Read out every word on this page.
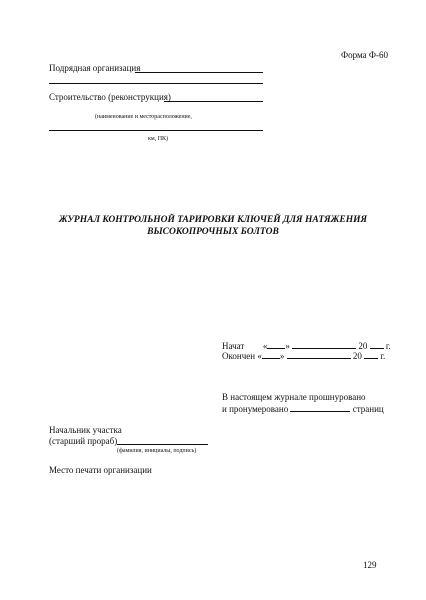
Форма Ф-60
Подрядная организация
Строительство (реконструкция)
(наименование и месторасположение,
км, ПК)
ЖУРНАЛ КОНТРОЛЬНОЙ ТАРИРОВКИ КЛЮЧЕЙ ДЛЯ НАТЯЖЕНИЯ
ВЫСОКОПРОЧНЫХ БОЛТОВ
Начат « »	20 г.
Окончен « »	20 г.
В настоящем журнале прошнуровано
и пронумеровано	страниц
Начальник участка
(старший прораб)
(фамилия, инициалы, подпись)
Место печати организации
129
